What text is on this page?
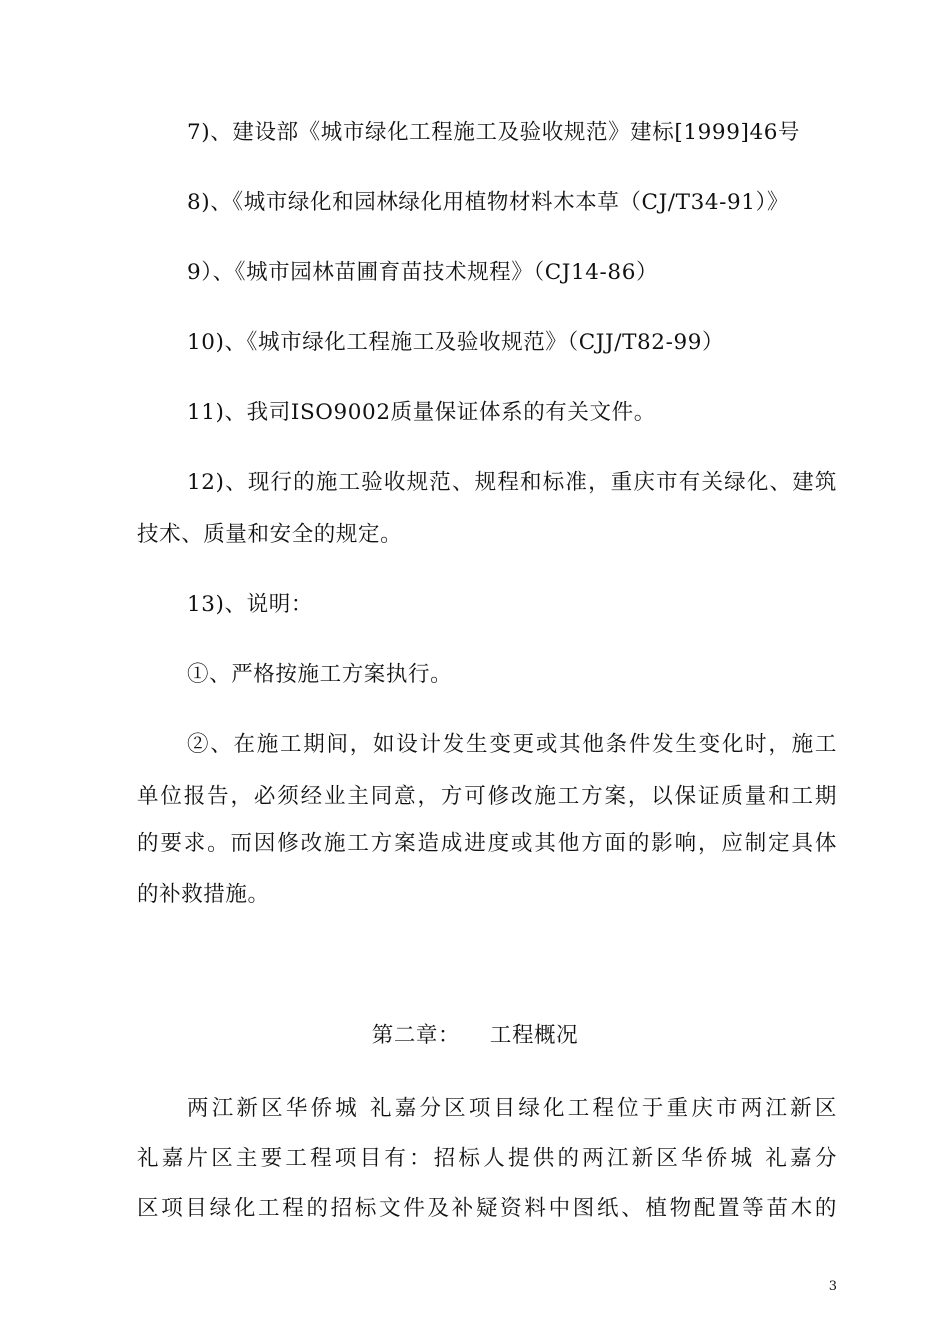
7)、建设部《城市绿化工程施工及验收规范》建标[1999]46号
8)、《城市绿化和园林绿化用植物材料木本草（CJ/T34-91）》
9）、《城市园林苗圃育苗技术规程》（CJ14-86）
10)、《城市绿化工程施工及验收规范》（CJJ/T82-99）
11)、我司ISO9002质量保证体系的有关文件。
12)、现行的施工验收规范、规程和标准，重庆市有关绿化、建筑
技术、质量和安全的规定。
13)、说明：
①、严格按施工方案执行。
②、在施工期间，如设计发生变更或其他条件发生变化时，施工
单位报告，必须经业主同意，方可修改施工方案，以保证质量和工期
的要求。而因修改施工方案造成进度或其他方面的影响，应制定具体
的补救措施。
第二章：    工程概况
两江新区华侨城 礼嘉分区项目绿化工程位于重庆市两江新区
礼嘉片区主要工程项目有：招标人提供的两江新区华侨城 礼嘉分
区项目绿化工程的招标文件及补疑资料中图纸、植物配置等苗木的
3
